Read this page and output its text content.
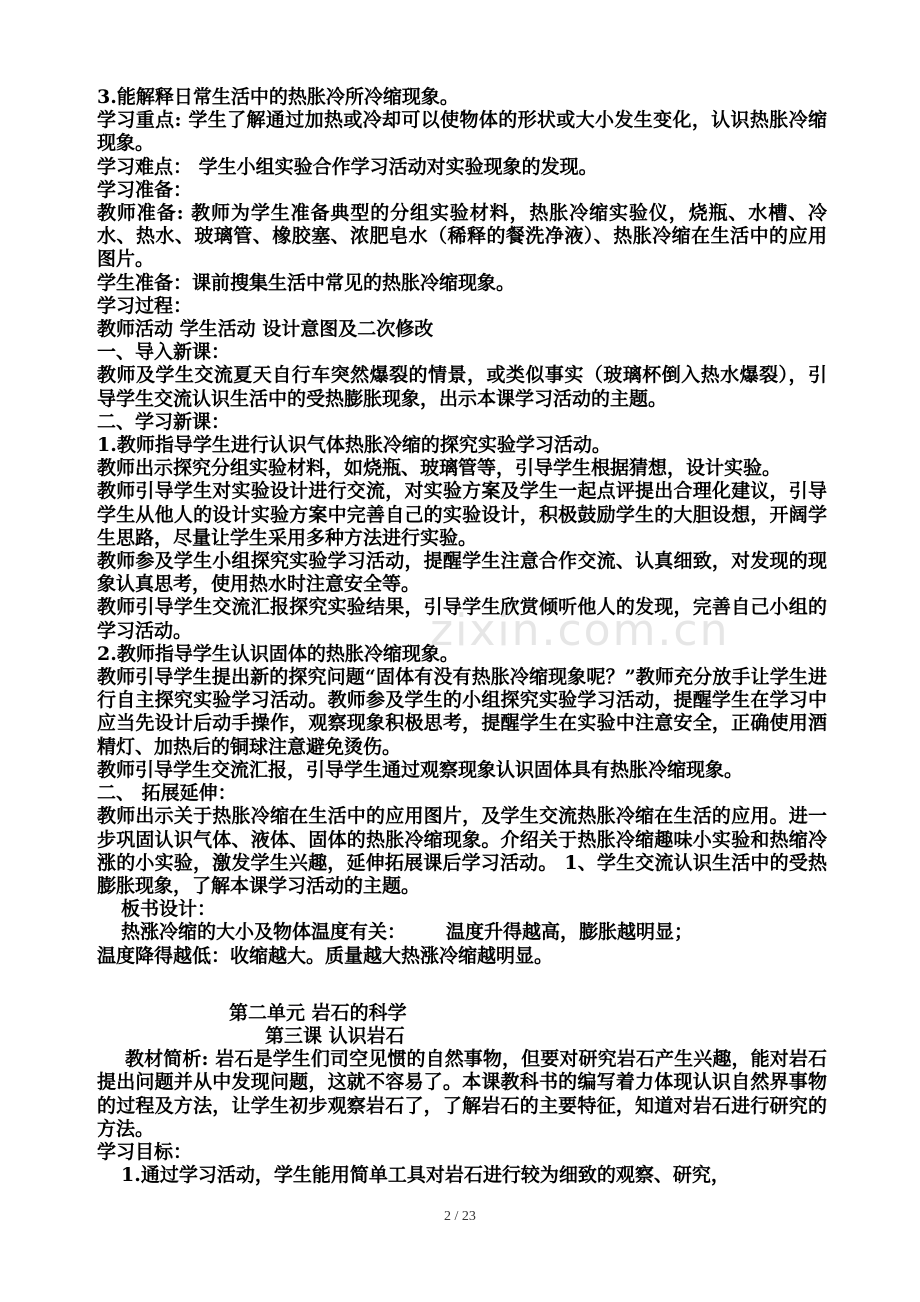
zixin.com.cn

3.能解释日常生活中的热胀冷所冷缩现象。

学习重点: 学生了解通过加热或冷却可以使物体的形状或大小发生变化，认识热胀冷缩现象。

学习难点： 学生小组实验合作学习活动对实验现象的发现。

学习准备：

教师准备: 教师为学生准备典型的分组实验材料，热胀冷缩实验仪，烧瓶、水槽、冷水、热水、玻璃管、橡胶塞、浓肥皂水（稀释的餐洗净液）、热胀冷缩在生活中的应用图片。

学生准备：课前搜集生活中常见的热胀冷缩现象。

学习过程：

教师活动 学生活动 设计意图及二次修改

一、导入新课：

教师及学生交流夏天自行车突然爆裂的情景，或类似事实（玻璃杯倒入热水爆裂），引导学生交流认识生活中的受热膨胀现象，出示本课学习活动的主题。

二、学习新课：

1.教师指导学生进行认识气体热胀冷缩的探究实验学习活动。

教师出示探究分组实验材料，如烧瓶、玻璃管等，引导学生根据猜想，设计实验。

教师引导学生对实验设计进行交流，对实验方案及学生一起点评提出合理化建议，引导学生从他人的设计实验方案中完善自己的实验设计，积极鼓励学生的大胆设想，开阔学生思路，尽量让学生采用多种方法进行实验。

教师参及学生小组探究实验学习活动，提醒学生注意合作交流、认真细致，对发现的现象认真思考，使用热水时注意安全等。

教师引导学生交流汇报探究实验结果，引导学生欣赏倾听他人的发现，完善自己小组的学习活动。

2.教师指导学生认识固体的热胀冷缩现象。

教师引导学生提出新的探究问题“固体有没有热胀冷缩现象呢？”教师充分放手让学生进行自主探究实验学习活动。教师参及学生的小组探究实验学习活动，提醒学生在学习中应当先设计后动手操作，观察现象积极思考，提醒学生在实验中注意安全，正确使用酒精灯、加热后的铜球注意避免烫伤。

教师引导学生交流汇报，引导学生通过观察现象认识固体具有热胀冷缩现象。

二、 拓展延伸：

教师出示关于热胀冷缩在生活中的应用图片，及学生交流热胀冷缩在生活的应用。进一步巩固认识气体、液体、固体的热胀冷缩现象。介绍关于热胀冷缩趣味小实验和热缩冷涨的小实验，激发学生兴趣，延伸拓展课后学习活动。 1、学生交流认识生活中的受热膨胀现象，了解本课学习活动的主题。

板书设计：

热涨冷缩的大小及物体温度有关： 温度升得越高，膨胀越明显；

温度降得越低：收缩越大。质量越大热涨冷缩越明显。

第二单元 岩石的科学

第三课 认识岩石

教材简析: 岩石是学生们司空见惯的自然事物，但要对研究岩石产生兴趣，能对岩石提出问题并从中发现问题，这就不容易了。本课教科书的编写着力体现认识自然界事物的过程及方法，让学生初步观察岩石了，了解岩石的主要特征，知道对岩石进行研究的方法。

学习目标：

1.通过学习活动，学生能用简单工具对岩石进行较为细致的观察、研究，

2 / 23
